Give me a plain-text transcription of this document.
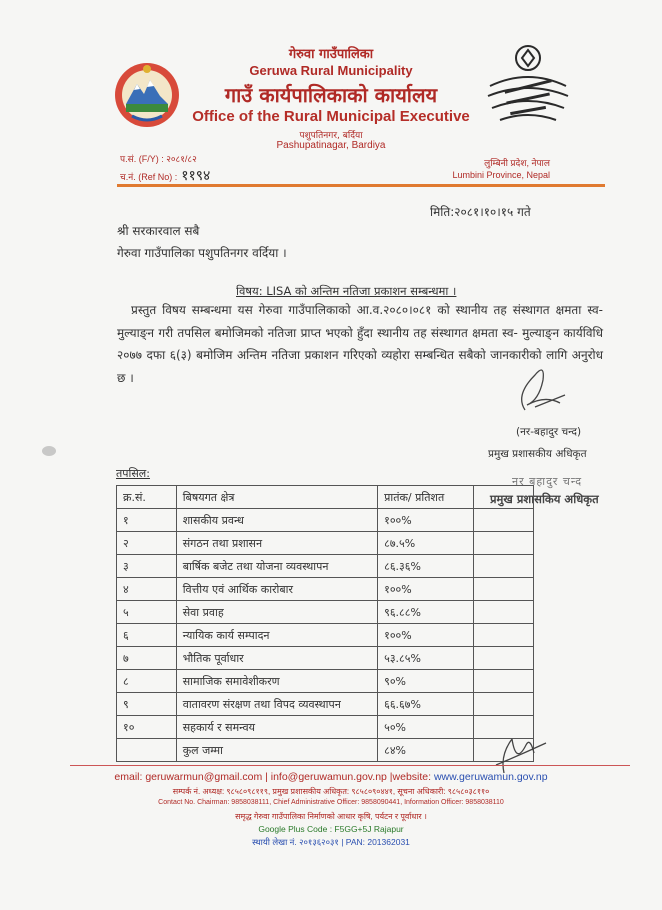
गेरुवा गाउँपालिका
Geruwa Rural Municipality
गाउँ कार्यपालिकाको कार्यालय
Office of the Rural Municipal Executive
पशुपतिनगर, बर्दिया
Pashupatinagar, Bardiya
प.सं. (F/Y) : २०८१/८२
च.नं. (Ref No) : ११९४
लुम्बिनी प्रदेश, नेपाल
Lumbini Province, Nepal
मिति:२०८१।१०।१५ गते
श्री सरकारवाल सबै
गेरुवा गाउँपालिका पशुपतिनगर वर्दिया ।
विषय: LISA को अन्तिम नतिजा प्रकाशन सम्बन्धमा ।
प्रस्तुत विषय सम्बन्धमा यस गेरुवा गाउँपालिकाको आ.व.२०८०।०८१ को स्थानीय तह संस्थागत क्षमता स्व- मुल्याङ्न गरी तपसिल बमोजिमको नतिजा प्राप्त भएको हुँदा स्थानीय तह संस्थागत क्षमता स्व- मुल्याङ्न कार्यविधि २०७७ दफा ६(३) बमोजिम अन्तिम नतिजा प्रकाशन गरिएको व्यहोरा सम्बन्धित सबैको जानकारीको लागि अनुरोध छ ।
(नर-बहादुर चन्द)
प्रमुख प्रशासकीय अधिकृत
नर बहादुर चन्द
प्रमुख प्रशासकिय अधिकृत
तपसिल:
क्र.सं.	बिषयगत क्षेत्र	प्रातंक/ प्रतिशत	
१	शासकीय प्रवन्ध	१००%	
२	संगठन तथा प्रशासन	८७.५%	
३	बार्षिक बजेट तथा योजना व्यवस्थापन	८६.३६%	
४	वित्तीय एवं आर्थिक कारोबार	१००%	
५	सेवा प्रवाह	९६.८८%	
६	न्यायिक कार्य सम्पादन	१००%	
७	भौतिक पूर्वाधार	५३.८५%	
८	सामाजिक समावेशीकरण	९०%	
९	वातावरण संरक्षण तथा विपद व्यवस्थापन	६६.६७%	
१०	सहकार्य र समन्वय	५०%	
	कुल जम्मा	८४%	
email: geruwarmun@gmail.com | info@geruwamun.gov.np |website: www.geruwamun.gov.np
सम्पर्क नं. अध्यक्ष: ९८५८०९८११९, प्रमुख प्रशासकीय अधिकृत: ९८५८०९०४४१, सूचना अधिकारी: ९८५८०३८११०
Contact No. Chairman: 9858038111, Chief Administrative Officer: 9858090441, Information Officer: 9858038110
समृद्ध गेरुवा गाउँपालिका निर्माणको आधार कृषि, पर्यटन र पूर्वाधार ।
Google Plus Code : F5GG+5J Rajapur
स्थायी लेखा नं. २०१३६२०३१ | PAN: 201362031
